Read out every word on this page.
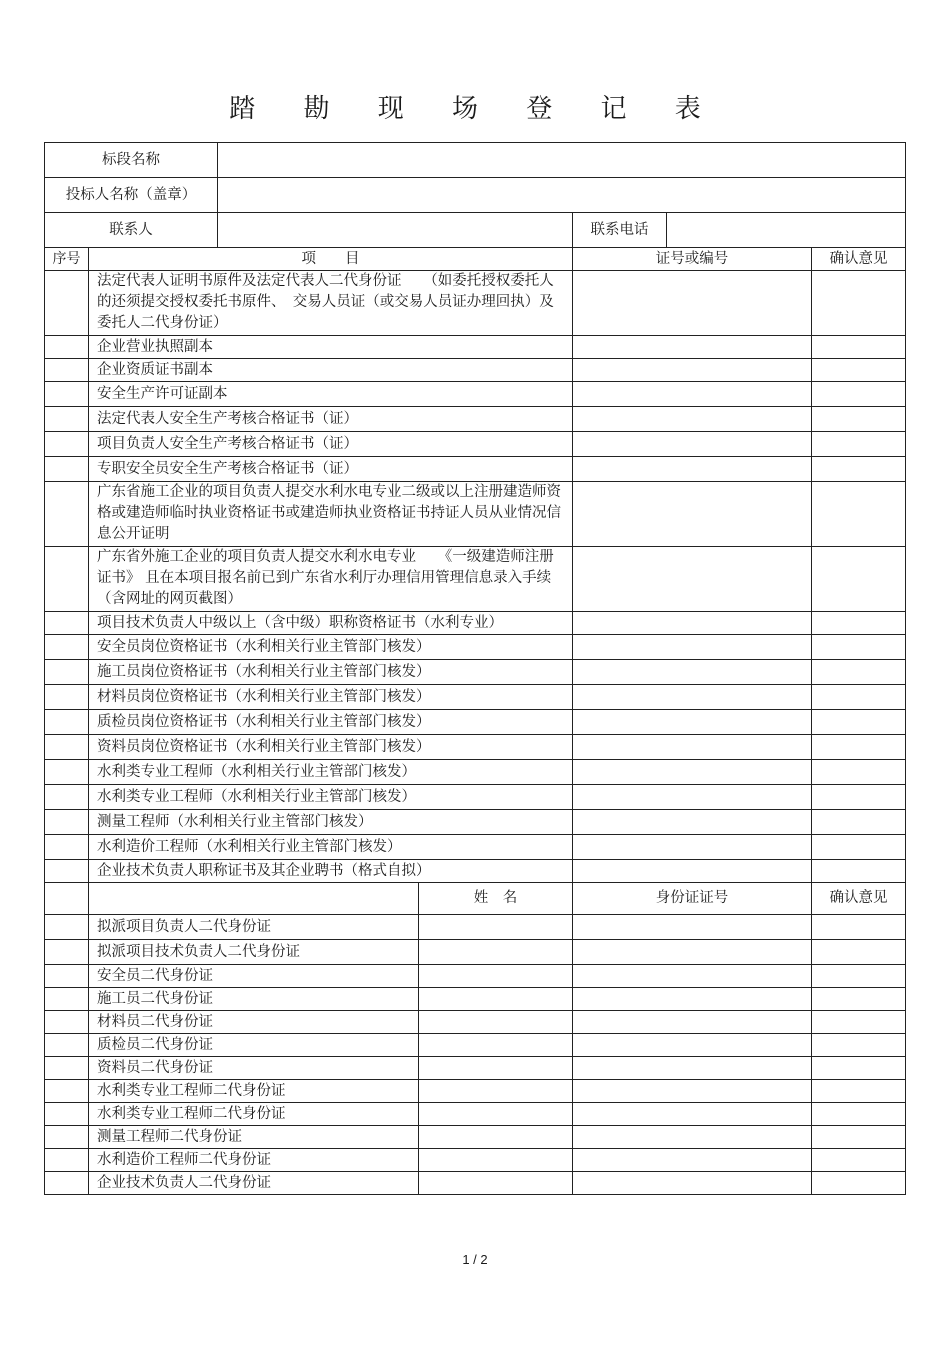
踏 勘 现 场 登 记 表
标段名称						
投标人名称（盖章）						
联系人				联系电话		
序号	项　　目			证号或编号		确认意见
	法定代表人证明书原件及法定代表人二代身份证　　（如委托授权委托人的还须提交授权委托书原件、　交易人员证（或交易人员证办理回执）及委托人二代身份证）					
	企业营业执照副本					
	企业资质证书副本					
	安全生产许可证副本					
	法定代表人安全生产考核合格证书（证）					
	项目负责人安全生产考核合格证书（证）					
	专职安全员安全生产考核合格证书（证）					
	广东省施工企业的项目负责人提交水利水电专业二级或以上注册建造师资格或建造师临时执业资格证书或建造师执业资格证书持证人员从业情况信息公开证明					
	广东省外施工企业的项目负责人提交水利水电专业　　《一级建造师注册证书》 且在本项目报名前已到广东省水利厅办理信用管理信息录入手续（含网址的网页截图）					
	项目技术负责人中级以上（含中级）职称资格证书（水利专业）					
	安全员岗位资格证书（水利相关行业主管部门核发）					
	施工员岗位资格证书（水利相关行业主管部门核发）					
	材料员岗位资格证书（水利相关行业主管部门核发）					
	质检员岗位资格证书（水利相关行业主管部门核发）					
	资料员岗位资格证书（水利相关行业主管部门核发）					
	水利类专业工程师（水利相关行业主管部门核发）					
	水利类专业工程师（水利相关行业主管部门核发）					
	测量工程师（水利相关行业主管部门核发）					
	水利造价工程师（水利相关行业主管部门核发）					
	企业技术负责人职称证书及其企业聘书（格式自拟）					
			姓　名	身份证证号		确认意见
	拟派项目负责人二代身份证					
	拟派项目技术负责人二代身份证					
	安全员二代身份证					
	施工员二代身份证					
	材料员二代身份证					
	质检员二代身份证					
	资料员二代身份证					
	水利类专业工程师二代身份证					
	水利类专业工程师二代身份证					
	测量工程师二代身份证					
	水利造价工程师二代身份证					
	企业技术负责人二代身份证					
1 / 2
